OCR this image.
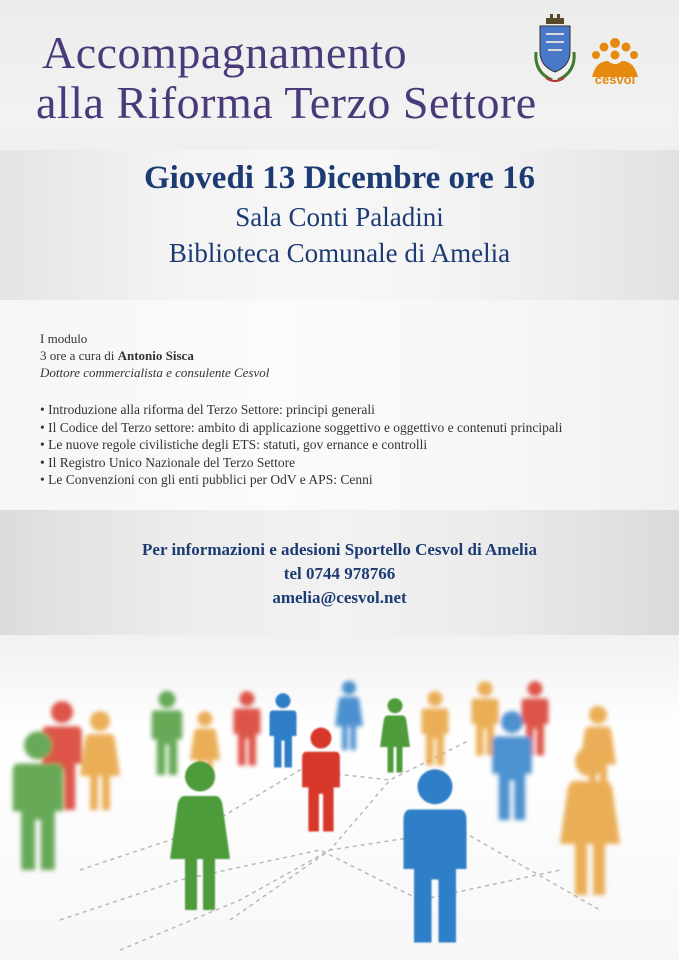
Accompagnamento
alla Riforma Terzo Settore	cesvol
Giovedi 13 Dicembre ore 16
Sala Conti Paladini
Biblioteca Comunale di Amelia
I modulo
3 ore a cura di Antonio Sisca
Dottore commercialista e consulente Cesvol
• Introduzione alla riforma del Terzo Settore: principi generali
• Il Codice del Terzo settore: ambito di applicazione soggettivo e oggettivo e contenuti principali
• Le nuove regole civilistiche degli ETS: statuti, gov ernance e controlli
• Il Registro Unico Nazionale del Terzo Settore
• Le Convenzioni con gli enti pubblici per OdV e APS: Cenni
Per informazioni e adesioni Sportello Cesvol di Amelia
tel 0744 978766
amelia@cesvol.net
